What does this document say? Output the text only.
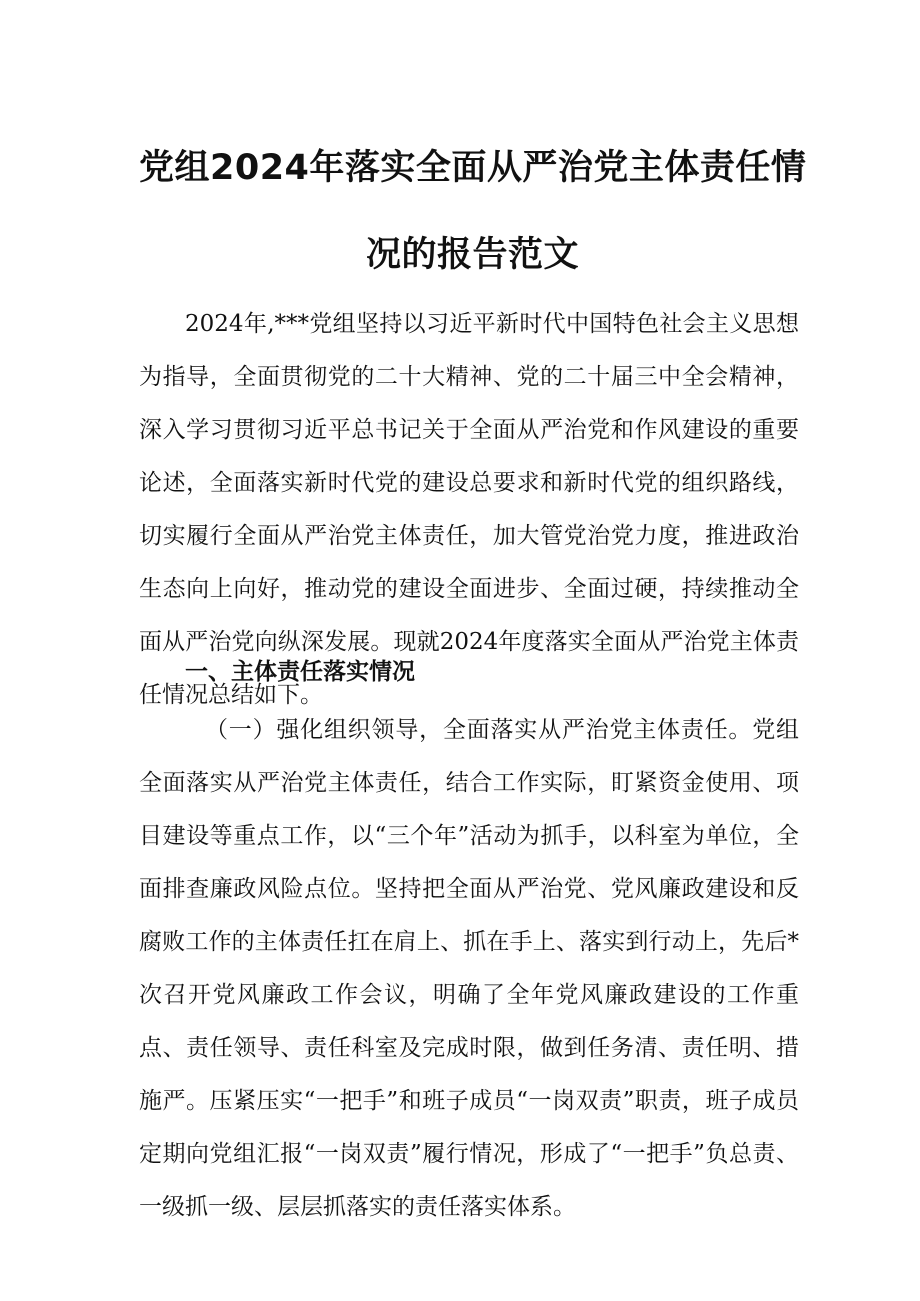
党组2024年落实全面从严治党主体责任情
况的报告范文

2024年,***党组坚持以习近平新时代中国特色社会主义思想为指导，全面贯彻党的二十大精神、党的二十届三中全会精神，深入学习贯彻习近平总书记关于全面从严治党和作风建设的重要论述，全面落实新时代党的建设总要求和新时代党的组织路线，切实履行全面从严治党主体责任，加大管党治党力度，推进政治生态向上向好，推动党的建设全面进步、全面过硬，持续推动全面从严治党向纵深发展。现就2024年度落实全面从严治党主体责任情况总结如下。

一、主体责任落实情况

（一）强化组织领导，全面落实从严治党主体责任。党组全面落实从严治党主体责任，结合工作实际，盯紧资金使用、项目建设等重点工作，以“三个年”活动为抓手，以科室为单位，全面排查廉政风险点位。坚持把全面从严治党、党风廉政建设和反腐败工作的主体责任扛在肩上、抓在手上、落实到行动上，先后*次召开党风廉政工作会议，明确了全年党风廉政建设的工作重点、责任领导、责任科室及完成时限，做到任务清、责任明、措施严。压紧压实“一把手”和班子成员“一岗双责”职责，班子成员定期向党组汇报“一岗双责”履行情况，形成了“一把手”负总责、一级抓一级、层层抓落实的责任落实体系。
